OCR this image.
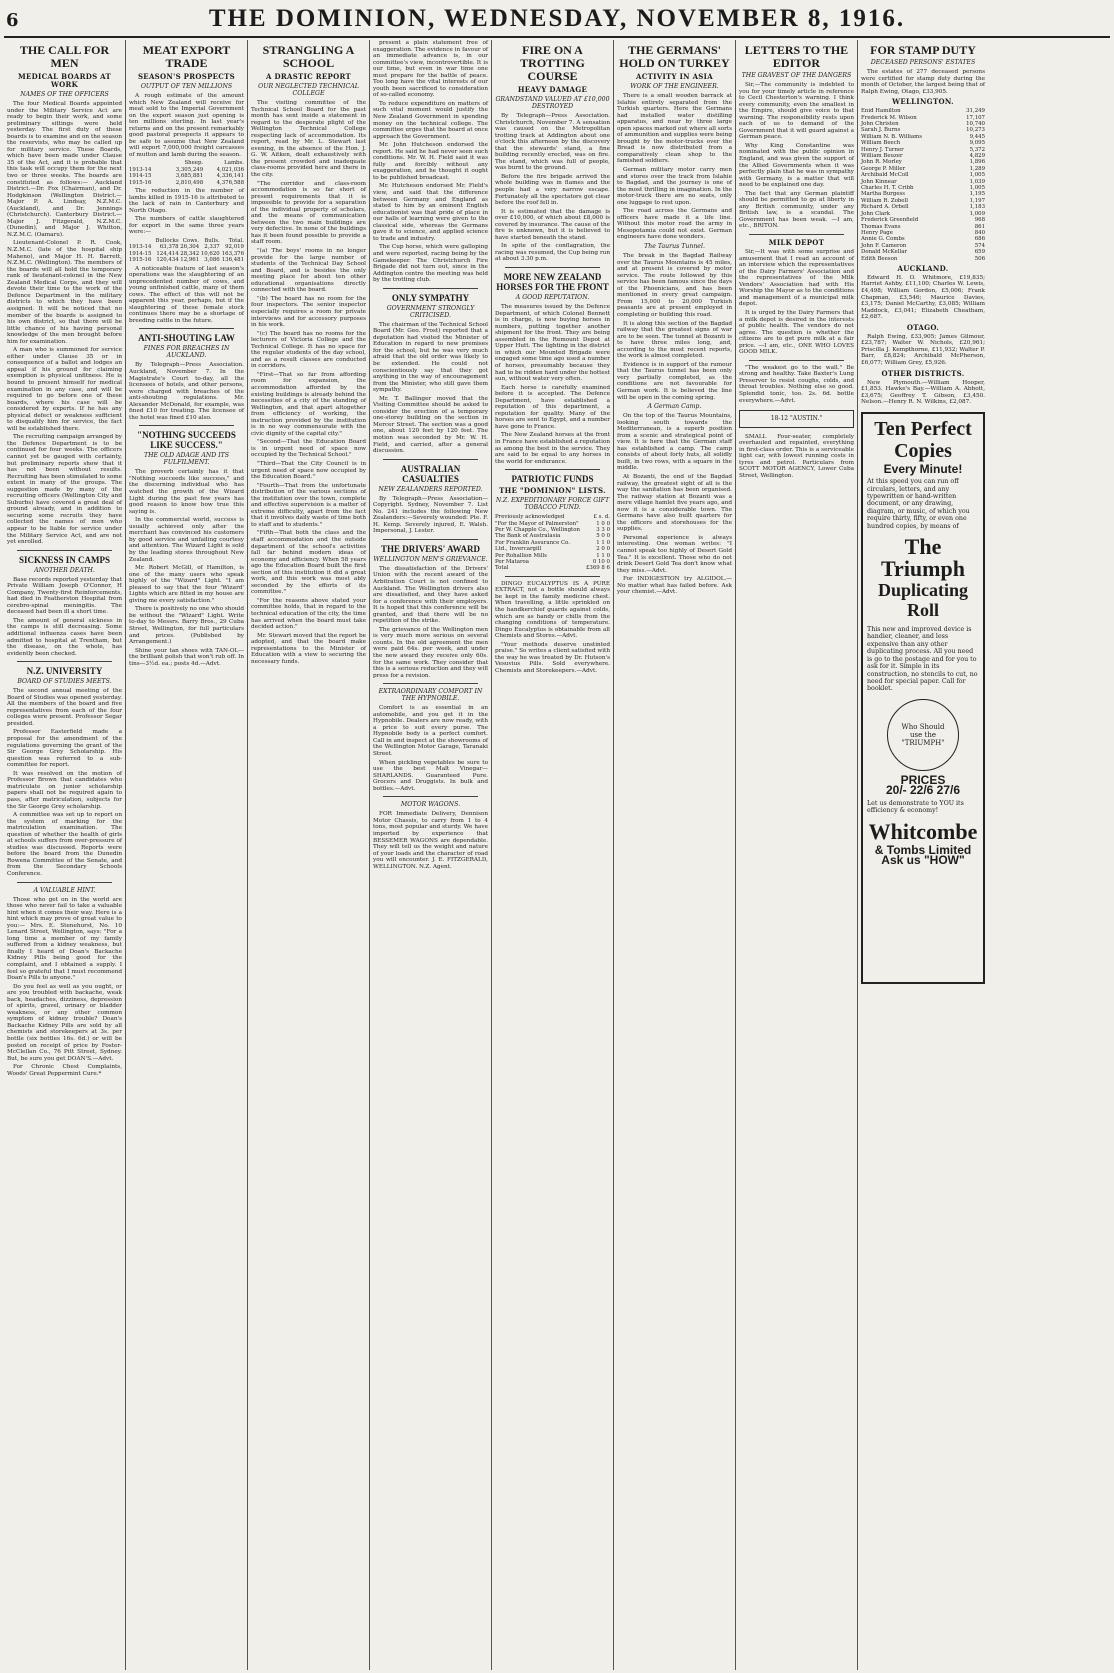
6	THE DOMINION, WEDNESDAY, NOVEMBER 8, 1916.
THE CALL FOR MEN
MEDICAL BOARDS AT WORK
NAMES OF THE OFFICERS

The four Medical Boards appointed under the Military Service Act are ready to begin their work, and some preliminary sittings were held yesterday. The first duty of these boards is to examine and on the season the reservists, who may be called up for military service. These Boards, which have been made under Clause 35 of the Act, and it is probable that this task will occupy them for the next two or three weeks. The boards are constituted as follows:— Auckland District.—Dr. Fox (Chairman), and Dr. Hodgkinson (Wellington District.—Major P. A. Lindsay, N.Z.M.C. (Auckland), and Dr. Jennings (Christchurch). Canterbury District.—Major J. Fitzgerald, N.Z.M.C. (Dunedin), and Major J. Whitton, N.Z.M.C. (Oamaru).

Lieutenant-Colonel P. R. Cook, N.Z.M.C. (late of the hospital ship Maheno), and Major H. H. Barrett, N.Z.M.C. (Wellington). The members of the boards will all hold the temporary rank of lieutenant-colonel in the New Zealand Medical Corps, and they will devote their time to the work of the Defence Department in the military districts to which they have been assigned. It will be noticed that no member of the boards is assigned to his own district, so that there will be little chance of his having personal knowledge of the men brought before him for examination.

A man who is summoned for service either under Clause 35 or in consequence of a ballot and lodges an appeal if his ground for claiming exemption is physical unfitness. He is bound to present himself for medical examination in any case, and will be required to go before one of these boards, where his case will be considered by experts. If he has any physical defect or weakness sufficient to disqualify him for service, the fact will be established there.

The recruiting campaign arranged by the Defence Department is to be continued for four weeks. The officers cannot yet be gauged with certainty, but preliminary reports show that it has not been without results. Recruiting has been stimulated to some extent in many of the groups. The suggestion made by many of the recruiting officers (Wellington City and Suburbs) have covered a great deal of ground already, and in addition to securing some recruits they have collected the names of men who appear to be liable for service under the Military Service Act, and are not yet enrolled.

SICKNESS IN CAMPS
ANOTHER DEATH.

Base records reported yesterday that Private William Joseph O'Connor, H Company, Twenty-first Reinforcements, had died in Featherston Hospital from cerebro-spinal meningitis. The deceased had been ill a short time.

The amount of general sickness in the camps is still decreasing. Some additional influenza cases have been admitted to hospital at Trentham, but the disease, on the whole, has evidently been checked.

N.Z. UNIVERSITY
BOARD OF STUDIES MEETS.

The second annual meeting of the Board of Studies was opened yesterday. All the members of the board and five representatives from each of the four colleges were present. Professor Segar presided.

Professor Easterfield made a proposal for the amendment of the regulations governing the grant of the Sir George Grey Scholarship. His question was referred to a sub-committee for report.

It was resolved on the motion of Professor Brown that candidates who matriculate on junior scholarship papers shall not be required again to pass, after matriculation, subjects for the Sir George Grey scholarship.

A committee was set up to report on the system of marking for the matriculation examination. The question of whether the health of girls at schools suffers from over-pressure of studies was discussed. Reports were before the board from the Dunedin Rowena Committee of the Senate, and from the Secondary Schools Conference.

A VALUABLE HINT.

Those who get on in the world are those who never fail to take a valuable hint when it comes their way. Here is a hint which may prove of great value to you:— Mrs. E. Stenehurst, No. 10 Lenard Street, Wellington, says: "For a long time a member of my family suffered from a kidney weakness, but finally I heard of Doan's Backache Kidney Pills being good for the complaint, and I obtained a supply. I feel so grateful that I must recommend Doan's Pills to anyone."

Do you feel as well as you ought, or are you troubled with backache, weak back, headaches, dizziness, depression of spirits, gravel, urinary or bladder weakness, or any other common symptom of kidney trouble? Doan's Backache Kidney Pills are sold by all chemists and storekeepers at 3s. per bottle (six bottles 16s. 6d.) or will be posted on receipt of price by Foster-McClellan Co., 76 Pitt Street, Sydney. But, be sure you get DOAN'S.—Advt.

For Chronic Chest Complaints, Woods' Great Peppermint Cure.*

MEAT EXPORT TRADE
SEASON'S PROSPECTS
OUTPUT OF TEN MILLIONS

A rough estimate of the amount which New Zealand will receive for meat sold to the Imperial Government on the export season just opening is ten millions sterling. In last year's returns and on the present remarkably good pastoral prospects it appears to be safe to assume that New Zealand will export 7,000,000 freight carcasses of mutton and lamb during the season.

	Sheep.	Lambs.
1913-14	3,305,249	4,021,036
1914-15	3,685,881	4,336,141
1915-16	2,810,498	4,376,588

The reduction in the number of lambs killed in 1915-16 is attributed to the lack of rain in Canterbury and North Otago.

The numbers of cattle slaughtered for export in the same three years were:—

	Bullocks	Cows.	Bulls.	Total.
1913-14	63,378	26,304	2,337	92,019
1914-15	124,414	28,342	10,620	163,376
1915-16	120,434	12,961	3,086	136,481

A noticeable feature of last season's operations was the slaughtering of an unprecedented number of cows, and young unfinished cattle, many of them cows. The effect of this will not be apparent this year, perhaps, but if the slaughtering of these female stock continues there may be a shortage of breeding cattle in the future.

ANTI-SHOUTING LAW
FINES FOR BREACHES IN AUCKLAND.

By Telegraph—Press Association. Auckland, November 7. In the Magistrate's Court to-day, all the licensees of hotels, and other persons, were charged with breaches of the anti-shouting regulations. Mr. Alexander McDonald, for example, was fined £10 for treating. The licensee of the hotel was fined £10 also.

"NOTHING SUCCEEDS LIKE SUCCESS."
THE OLD ADAGE AND ITS FULFILMENT.

The proverb certainly has it that "Nothing succeeds like success," and the discerning individual who has watched the growth of the Wizard Light during the past few years has good reason to know how true this saying is.

In the commercial world, success is usually achieved only after the merchant has convinced his customers by good service and unfailing courtesy and attention. The Wizard Light is sold by the leading stores throughout New Zealand.

Mr. Robert McGill, of Hamilton, is one of the many users who speak highly of the "Wizard" Light. "I am pleased to say that the four 'Wizard' Lights which are fitted in my house are giving me every satisfaction."

There is positively no one who should be without the "Wizard" Light. Write to-day to Messrs. Barry Bros., 29 Cuba Street, Wellington, for full particulars and prices. (Published by Arrangement.)

Shine your tan shoes with TAN-OL—the brilliant polish that won't rub off. In tins—3½d. ea.; posts 4d.—Advt.

STRANGLING A SCHOOL
A DRASTIC REPORT
OUR NEGLECTED TECHNICAL COLLEGE

The visiting committee of the Technical School Board for the past month has sent inside a statement in regard to the desperate plight of the Wellington Technical College respecting lack of accommodation. Its report, read by Mr. L. Stewart last evening, in the absence of the Hon. J. G. W. Aitken, dealt exhaustively with the present crowded and inadequate class-rooms provided here and there in the city.

"The corridor and class-room accommodation is so far short of present requirements that it is impossible to provide for a separation of the individual property of scholars, and the means of communication between the two main buildings are very defective. In none of the buildings has it been found possible to provide a staff room.

"(a) The boys' rooms in no longer provide for the large number of students of the Technical Day School and Board, and is besides the only meeting place for about ten other educational organisations directly connected with the board.

"(b) The board has no room for the four inspectors. The senior inspector especially requires a room for private interviews and for accessory purposes in his work.

"(c) The board has no rooms for the lecturers of Victoria College and the Technical College. It has no space for the regular students of the day school, and as a result classes are conducted in corridors.

"First—That so far from affording room for expansion, the accommodation afforded by the existing buildings is already behind the necessities of a city of the standing of Wellington, and that apart altogether from efficiency of working, the instruction provided by the institution is in no way commensurate with the civic dignity of the capital city."

"Second—That the Education Board is in urgent need of space now occupied by the Technical School."

"Third—That the City Council is in urgent need of space now occupied by the Education Board."

"Fourth—That from the unfortunate distribution of the various sections of the institution over the town, complete and effective supervision is a matter of extreme difficulty, apart from the fact that it involves daily waste of time both to staff and to students."

"Fifth—That both the class and the staff accommodation and the outside department of the school's activities fall far behind modern ideas of economy and efficiency. When 58 years ago the Education Board built the first section of this institution it did a great work, and this work was most ably seconded by the efforts of its committee."

"For the reasons above stated your committee holds, that in regard to the technical education of the city, the time has arrived when the board must take decided action."

Mr. Stewart moved that the report be adopted, and that the board make representations to the Minister of Education with a view to securing the necessary funds.

present a plain statement free of exaggeration. The evidence in favour of an immediate advance is, in our committee's view, incontrovertible. It is our time, but even in war time one must prepare for the battle of peace. Too long have the vital interests of our youth been sacrificed to consideration of so-called economy.

To reduce expenditure on matters of such vital moment would justify the New Zealand Government in spending money on the technical college. The committee urges that the board at once approach the Government.

Mr. John Hutcheson endorsed the report. He said he had never seen such conditions. Mr. W. H. Field said it was fully and forcibly without any exaggeration, and he thought it ought to be published broadcast.

Mr. Hutcheson endorsed Mr. Field's view, and said that the difference between Germany and England as stated to him by an eminent English educationist was that pride of place in our halls of learning were given to the classical side, whereas the Germans gave it to science, and applied science to trade and industry.

The Cup horse, which were galloping and were reported, racing being by the Gamekeeper. The Christchurch Fire Brigade did not turn out, since in the Addington centre the meeting was held by the trotting club.

ONLY SYMPATHY
GOVERNMENT STRONGLY CRITICISED.

The chairman of the Technical School Board (Mr. Geo. Frost) reported that a deputation had visited the Minister of Education in regard to new premises for the school, but he was very much afraid that the old order was likely to be extended. He could not conscientiously say that they got anything in the way of encouragement from the Minister, who still gave them sympathy.

Mr. T. Ballinger moved that the Visiting Committee should be asked to consider the erection of a temporary one-storey building on the section in Mercer Street. The section was a good one, about 120 feet by 120 feet. The motion was seconded by Mr. W. H. Field, and carried, after a general discussion.

AUSTRALIAN CASUALTIES
NEW ZEALANDERS REPORTED.

By Telegraph—Press Association—Copyright. Sydney, November 7. List No. 241 includes the following New Zealanders:—Severely wounded: Pte. F. H. Kemp. Severely injured, E. Walsh. Impersonal, J. Lester.

THE DRIVERS' AWARD
WELLINGTON MEN'S GRIEVANCE.

The dissatisfaction of the Drivers' Union with the recent award of the Arbitration Court is not confined to Auckland. The Wellington drivers also are dissatisfied, and they have asked for a conference with their employers. It is hoped that this conference will be granted, and that there will be no repetition of the strike.

The grievance of the Wellington men is very much more serious on several counts. In the old agreement the men were paid 64s. per week, and under the new award they receive only 60s. for the same work. They consider that this is a serious reduction and they will press for a revision.

EXTRAORDINARY COMFORT IN THE HYPNOBILE.

Comfort is as essential in an automobile, and you get it in the Hypnobile. Dealers are now ready, with a price to suit every purse. The Hypnobile body is a perfect comfort. Call in and inspect at the showrooms of the Wellington Motor Garage, Taranaki Street.

When pickling vegetables be sure to use the best Malt Vinegar—SHARLANDS. Guaranteed Pure. Grocers and Druggists. In bulk and bottles.—Advt.

MOTOR WAGONS.

FOR Immediate Delivery, Dennison Motor Chassis, to carry from 1 to 4 tons, most popular and sturdy. We have imported by experience that BESSEMER WAGONS are dependable. They will tell us the weight and nature of your loads and the character of road you will encounter. J. E. FITZGERALD, WELLINGTON. N.Z. Agent.

FIRE ON A TROTTING COURSE
HEAVY DAMAGE
GRANDSTAND VALUED AT £10,000 DESTROYED

By Telegraph—Press Association. Christchurch, November 7. A sensation was caused on the Metropolitan trotting track at Addington about one o'clock this afternoon by the discovery that the stewards' stand, a fine building recently erected, was on fire. The stand, which was full of people, was burnt to the ground.

Before the fire brigade arrived the whole building was in flames and the people had a very narrow escape. Fortunately all the spectators got clear before the roof fell in.

It is estimated that the damage is over £10,000, of which about £8,000 is covered by insurance. The cause of the fire is unknown, but it is believed to have started beneath the stand.

In spite of the conflagration, the racing was resumed, the Cup being run at about 3.30 p.m.

MORE NEW ZEALAND HORSES FOR THE FRONT
A GOOD REPUTATION.

The measures issued by the Defence Department, of which Colonel Bennett is in charge, is now buying horses in numbers, putting together another shipment for the front. They are being assembled in the Remount Depot at Upper Hutt. The lighting in the district in which our Mounted Brigade were engaged some time ago used a number of horses, presumably because they had to be ridden hard under the hottest sun, without water very often.

Each horse is carefully examined before it is accepted. The Defence Department, have established a reputation of this department, a reputation for quality. Many of the horses are sent to Egypt, and a number have gone to France.

The New Zealand horses at the front in France have established a reputation as among the best in the service. They are said to be equal to any horses in the world for endurance.

PATRIOTIC FUNDS
THE "DOMINION" LISTS.
N.Z. EXPEDITIONARY FORCE GIFT TOBACCO FUND.
Previously acknowledged	£ s. d.
"For the Mayor of Palmerston"	1 0 0
Per W. Chapple Co., Wellington	3 3 0
The Bank of Australasia	5 0 0
For Franklin Assurance Co.	1 1 0
Ltd., Invercargill	2 0 0
Per Rohallion Mills	1 1 0
Per Mataroa	0 10 0
Total	£369 8 6

DINGO EUCALYPTUS IS A PURE EXTRACT, not a bottle should always be kept in the family medicine chest. When travelling, a little sprinkled on the handkerchief guards against colds, which are as handy or chills from the changing conditions of temperature. Dingo Eucalyptus is obtainable from all Chemists and Stores.—Advt.

"Your methods deserve unstinted praise." So writes a client satisfied with the way he was treated by Dr. Hutson's Vesuvius Pills. Sold everywhere. Chemists and Storekeepers.—Advt.

THE GERMANS' HOLD ON TURKEY
ACTIVITY IN ASIA
WORK OF THE ENGINEER.

There is a small wooden barrack at Islahie entirely separated from the Turkish quarters. Here the Germans had installed water distilling apparatus, and near by three large open spaces marked out where all sorts of ammunition and supplies were being brought by the motor-trucks over the Bread is now distributed from a comparatively clean shop to the famished soldiers.

German military motor carry men and stores over the track from Islahie to Bagdad, and the journey is one of the most thrilling in imagination. In the motor-truck there are no seats, only one luggage to rest upon.

The road across the Germans and officers have made it a life line. Without this motor road the army in Mesopotamia could not exist. German engineers have done wonders.

The Taurus Tunnel.

The break in the Bagdad Railway over the Taurus Mountains is 45 miles, and at present is covered by motor service. The route followed by this service has been famous since the days of the Phoenicians, and has been mentioned in every great campaign. From 15,000 to 20,000 Turkish peasants are at present employed in completing or building this road.

It is along this section of the Bagdad railway that the greatest signs of war are to be seen. The tunnel at Bozanti is to have three miles long, and, according to the most recent reports, the work is almost completed.

Evidence is in support of the rumour that the Taurus tunnel has been only very partially completed, as the conditions are not favourable for German work. It is believed the line will be open in the coming spring.

A German Camp.

On the top of the Taurus Mountains, looking south towards the Mediterranean, is a superb position from a scenic and strategical point of view. It is here that the German staff has established a camp. The camp consists of about forty huts, all solidly built, in two rows, with a square in the middle.

At Bozanti, the end of the Bagdad railway, the greatest sight of all is the way the sanitation has been organised. The railway station at Bozanti was a mere village hamlet five years ago, and now it is a considerable town. The Germans have also built quarters for the officers and storehouses for the supplies.

Personal experience is always interesting. One woman writes: "I cannot speak too highly of Desert Gold Tea." It is excellent. Those who do not drink Desert Gold Tea don't know what they miss.—Advt.

For INDIGESTION try ALGIDOL.—No matter what has failed before. Ask your chemist.—Advt.

LETTERS TO THE EDITOR
THE GRAVEST OF THE DANGERS

Sir,—The community is indebted to you for your timely article in reference to Cecil Chesterton's warning. I think every community, even the smallest in the Empire, should give voice to that warning. The responsibility rests upon each of us to demand of the Government that it will guard against a German peace.

Why King Constantine was nominated with the public opinion in England, and was given the support of the Allied Governments when it was perfectly plain that he was in sympathy with Germany, is a matter that will need to be explained one day.

The fact that any German plaintiff should be permitted to go at liberty in any British community, under any British law, is a scandal. The Government has been weak. —I am, etc., BRITON.

MILK DEPOT

Sir,—It was with some surprise and amusement that I read an account of an interview which the representatives of the Dairy Farmers' Association and the representatives of the Milk Vendors' Association had with His Worship the Mayor as to the conditions and management of a municipal milk depot.

It is urged by the Dairy Farmers that a milk depot is desired in the interests of public health. The vendors do not agree. The question is whether the citizens are to get pure milk at a fair price. —I am, etc., ONE WHO LOVES GOOD MILK.

"The weakest go to the wall." Be strong and healthy. Take Baxter's Lung Preserver to resist coughs, colds, and throat troubles. Nothing else so good. Splendid tonic, too. 2s. 6d. bottle everywhere.—Advt.

18-12 "AUSTIN."

SMALL Four-seater, completely overhauled and repainted, everything in first-class order. This is a serviceable light car, with lowest running costs in tyres and petrol. Particulars from SCOTT MOTOR AGENCY, Lower Cuba Street, Wellington.

FOR STAMP DUTY
DECEASED PERSONS' ESTATES

The estates of 277 deceased persons were certified for stamp duty during the month of October, the largest being that of Ralph Ewing, Otago, £33,905.

WELLINGTON.
Enid Hamilton	31,249
Frederick M. Wilson	17,107
John Christen	10,740
Sarah J. Burns	10,273
William N. B. Williams	9,445
William Beech	9,095
Henry J. Turner	5,372
William Beuzer	4,829
John R. Morley	1,896
George P. Miller	1,289
Archibald McColl	1,005
John Kinnear	1,039
Charles H. T. Cribb	1,005
Martha Burgess	1,195
William R. Zobell	1,197
Richard A. Orbell	1,183
John Clark	1,009
Frederick Greenfield	968
Thomas Evans	861
Henry Page	840
Annie G. Combs	686
John F. Cameron	574
Donald McKellar	659
Edith Beeson	506
AUCKLAND.

Edward H. O. Whitmore, £19,835; Harriet Ashby, £11,100; Charles W. Lewis, £4,498; William Gordon, £5,006; Frank Chapman, £3,546; Maurice Davies, £3,175; Daniel McCarthy, £3,085; William Maddock, £3,041; Elizabeth Cheatham, £2,687.

OTAGO.

Ralph Ewing, £33,905; James Gilmour, £23,787; Walter W. Nichols, £20,961; Priscilla J. Kempthorne, £11,932; Walter P. Barr, £8,824; Archibald McPherson, £6,077; William Grey, £5,926.

OTHER DISTRICTS.

New Plymouth.—William Hooper, £1,853. Hawke's Bay.—William A. Abbott, £3,675; Geoffrey T. Gibson, £3,450. Nelson.—Henry R. N. Wilkins, £2,087.

Ten Perfect Copies
Every Minute!
At this speed you can run off circulars, letters, and any typewritten or hand-written document, or any drawing, diagram, or music, of which you require thirty, fifty, or even one hundred copies, by means of
The Triumph
Duplicating Roll
This new and improved device is handier, cleaner, and less expensive than any other duplicating process. All you need is go to the postage and for you to ask for it. Simple in its construction, no stencils to cut, no need for special paper. Call for booklet.
Who Should
use the
"TRIUMPH"
PRICES
20/- 22/6 27/6
Let us demonstrate to YOU its efficiency & economy!
Whitcombe
& Tombs Limited
Ask us "HOW"
